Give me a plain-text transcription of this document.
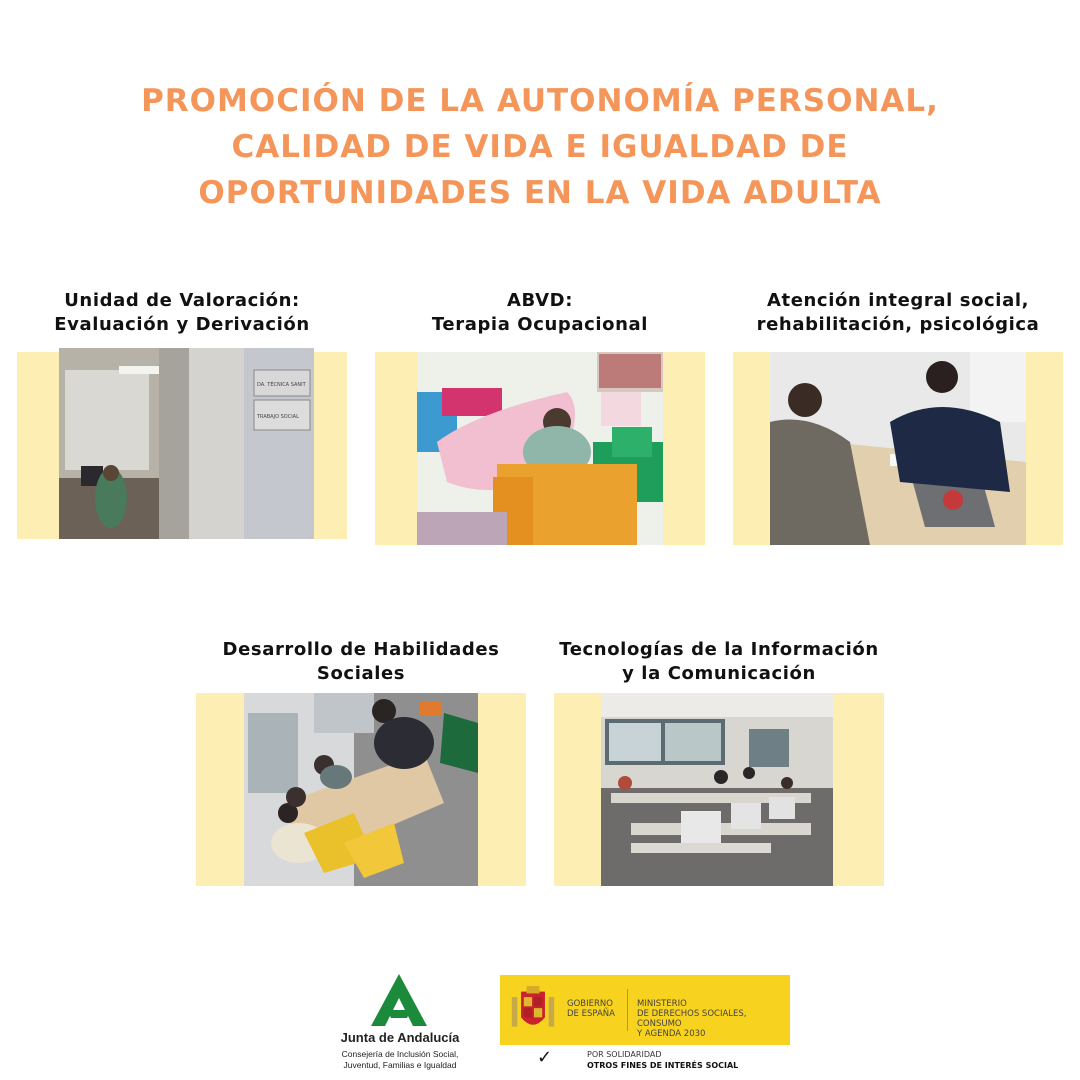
PROMOCIÓN DE LA AUTONOMÍA PERSONAL,
CALIDAD DE VIDA E IGUALDAD DE
OPORTUNIDADES EN LA VIDA ADULTA
Unidad de Valoración:
Evaluación y Derivación
DA. TÉCNICA SANIT
TRABAJO SOCIAL
ABVD:
Terapia Ocupacional
Atención integral social,
rehabilitación, psicológica
Desarrollo de Habilidades
Sociales
Tecnologías de la Información
y la Comunicación
Junta de Andalucía
Consejería de Inclusión Social,
Juventud, Familias e Igualdad
GOBIERNO
DE ESPAÑA
MINISTERIO
DE DERECHOS SOCIALES, CONSUMO
Y AGENDA 2030
✓	POR SOLIDARIDAD
OTROS FINES DE INTERÉS SOCIAL
